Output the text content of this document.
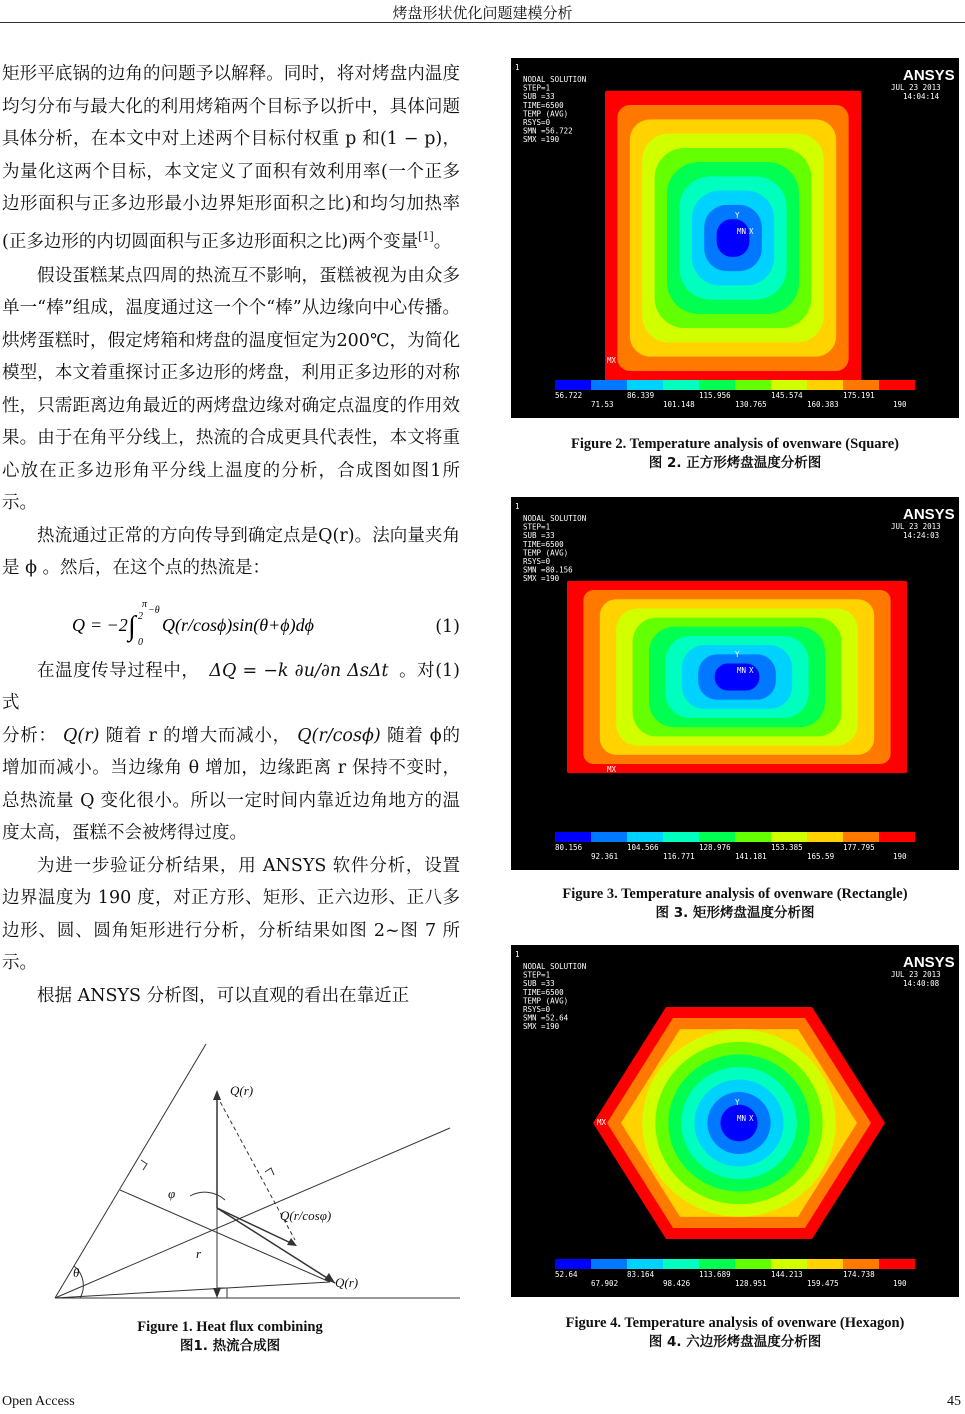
烤盘形状优化问题建模分析

矩形平底锅的边角的问题予以解释。同时，将对烤盘内温度均匀分布与最大化的利用烤箱两个目标予以折中，具体问题具体分析，在本文中对上述两个目标付权重 p 和(1 − p)，为量化这两个目标，本文定义了面积有效利用率(一个正多边形面积与正多边形最小边界矩形面积之比)和均匀加热率(正多边形的内切圆面积与正多边形面积之比)两个变量[1]。

假设蛋糕某点四周的热流互不影响，蛋糕被视为由众多单一“棒”组成，温度通过这一个个“棒”从边缘向中心传播。烘烤蛋糕时，假定烤箱和烤盘的温度恒定为200℃，为简化模型，本文着重探讨正多边形的烤盘，利用正多边形的对称性，只需距离边角最近的两烤盘边缘对确定点温度的作用效果。由于在角平分线上，热流的合成更具代表性，本文将重心放在正多边形角平分线上温度的分析，合成图如图1所示。

热流通过正常的方向传导到确定点是Q(r)。法向量夹角是 ϕ 。然后，在这个点的热流是：

Q = −2 ∫
π
2
−θ
0
Q(r/cosϕ)sin(θ+ϕ)dϕ	(1)

在温度传导过程中， ΔQ = −k ∂u/∂n ΔsΔt 。对(1)式

分析： Q(r) 随着 r 的增大而减小， Q(r/cosϕ) 随着 ϕ的增加而减小。当边缘角 θ 增加，边缘距离 r 保持不变时，总热流量 Q 变化很小。所以一定时间内靠近边角地方的温度太高，蛋糕不会被烤得过度。

为进一步验证分析结果，用 ANSYS 软件分析，设置边界温度为 190 度，对正方形、矩形、正六边形、正八多边形、圆、圆角矩形进行分析，分析结果如图 2~图 7 所示。

根据 ANSYS 分析图，可以直观的看出在靠近正

Q(r)
φ
Q(r/cosφ)
r
θ
Q(r)
Figure 1. Heat flux combining
图1. 热流合成图
1
NODAL SOLUTION
STEP=1
SUB =33
TIME=6500
TEMP (AVG)
RSYS=0
SMN =56.722
SMX =190
ANSYS
JUL 23 2013
14:04:14
Y
X
MN
MX
56.722	86.339	115.956	145.574	175.191
71.53	101.148	130.765	160.383	190
Figure 2. Temperature analysis of ovenware (Square)
图 2. 正方形烤盘温度分析图
1
NODAL SOLUTION
STEP=1
SUB =33
TIME=6500
TEMP (AVG)
RSYS=0
SMN =80.156
SMX =190
ANSYS
JUL 23 2013
14:24:03
Y
X
MN
MX
80.156	104.566	128.976	153.385	177.795
92.361	116.771	141.181	165.59	190
Figure 3. Temperature analysis of ovenware (Rectangle)
图 3. 矩形烤盘温度分析图
1
NODAL SOLUTION
STEP=1
SUB =33
TIME=6500
TEMP (AVG)
RSYS=0
SMN =52.64
SMX =190
ANSYS
JUL 23 2013
14:40:08
Y
X
MN
MX
52.64	83.164	113.689	144.213	174.738
67.902	98.426	128.951	159.475	190
Figure 4. Temperature analysis of ovenware (Hexagon)
图 4. 六边形烤盘温度分析图
Open Access	45
